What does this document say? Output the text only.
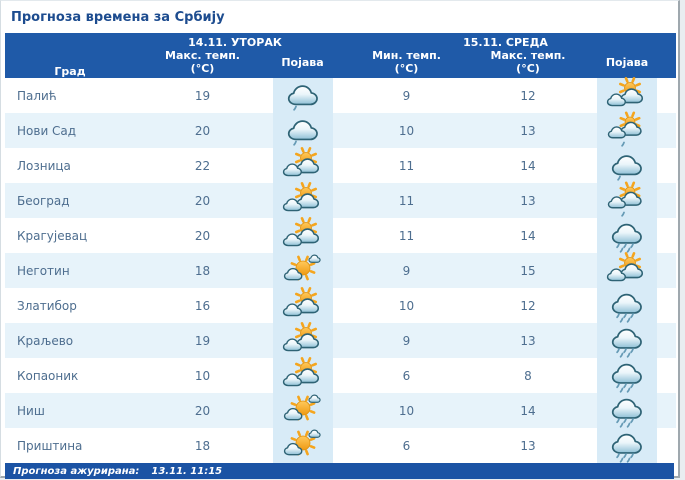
Прогноза времена за Србију
Град	14.11. УТОРАК		15.11. СРЕДА		

	Макс. темп.
(°C)	Појава	Мин. темп.
(°C)	Макс. темп.
(°C)	Појава
Палић	19		9	12	

Нови Сад	20		10	13	

Лозница	22		11	14	

Београд	20		11	13	

Крагујевац	20		11	14	

Неготин	18		9	15	

Златибор	16		10	12	

Краљево	19		9	13	

Копаоник	10		6	8	

Ниш	20		10	14	

Приштина	18		6	13	
Прогноза ажурирана: 13.11. 11:15
